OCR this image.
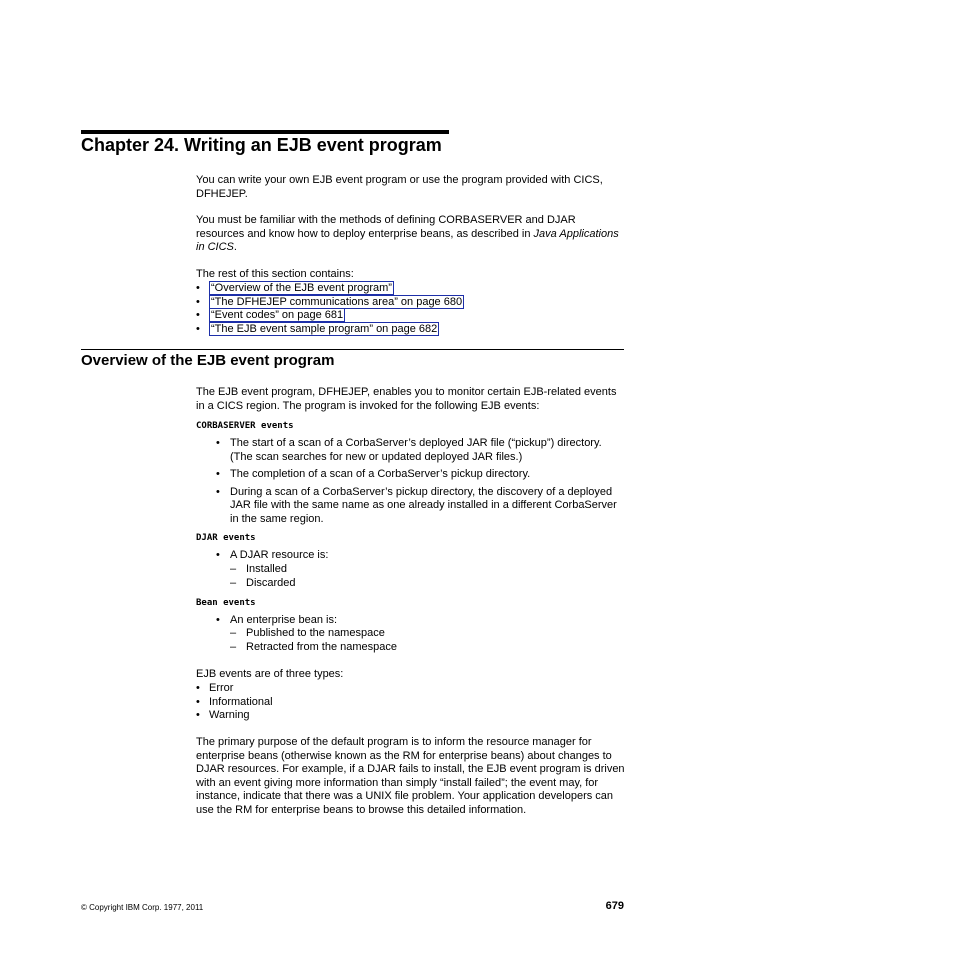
Chapter 24. Writing an EJB event program

You can write your own EJB event program or use the program provided with CICS, DFHEJEP.

You must be familiar with the methods of defining CORBASERVER and DJAR resources and know how to deploy enterprise beans, as described in Java Applications in CICS.

The rest of this section contains:

• “Overview of the EJB event program”
• “The DFHEJEP communications area” on page 680
• “Event codes” on page 681
• “The EJB event sample program” on page 682
Overview of the EJB event program

The EJB event program, DFHEJEP, enables you to monitor certain EJB-related events in a CICS region. The program is invoked for the following EJB events:

CORBASERVER events
• The start of a scan of a CorbaServer’s deployed JAR file (“pickup”) directory. (The scan searches for new or updated deployed JAR files.)
• The completion of a scan of a CorbaServer’s pickup directory.
• During a scan of a CorbaServer’s pickup directory, the discovery of a deployed JAR file with the same name as one already installed in a different CorbaServer in the same region.
DJAR events
• A DJAR resource is:
– Installed
– Discarded
Bean events
• An enterprise bean is:
– Published to the namespace
– Retracted from the namespace

EJB events are of three types:

• Error
• Informational
• Warning

The primary purpose of the default program is to inform the resource manager for enterprise beans (otherwise known as the RM for enterprise beans) about changes to DJAR resources. For example, if a DJAR fails to install, the EJB event program is driven with an event giving more information than simply “install failed”; the event may, for instance, indicate that there was a UNIX file problem. Your application developers can use the RM for enterprise beans to browse this detailed information.

© Copyright IBM Corp. 1977, 2011	679
